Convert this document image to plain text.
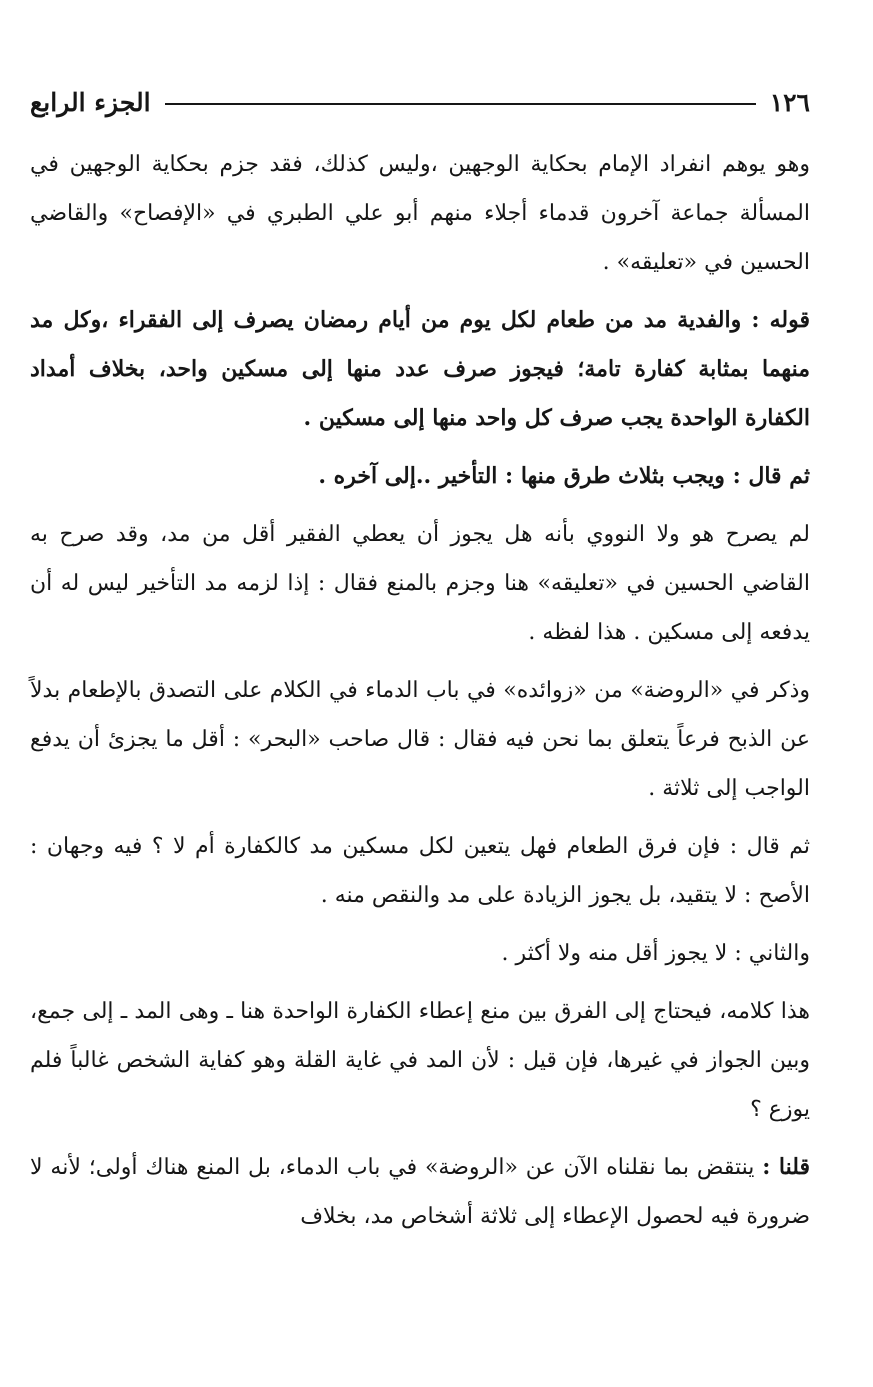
١٢٦
الجزء الرابع

وهو يوهم انفراد الإمام بحكاية الوجهين ،وليس كذلك، فقد جزم بحكاية الوجهين في المسألة جماعة آخرون قدماء أجلاء منهم أبو علي الطبري في «الإفصاح» والقاضي الحسين في «تعليقه» .

قوله : والفدية مد من طعام لكل يوم من أيام رمضان يصرف إلى الفقراء ،وكل مد منهما بمثابة كفارة تامة؛ فيجوز صرف عدد منها إلى مسكين واحد، بخلاف أمداد الكفارة الواحدة يجب صرف كل واحد منها إلى مسكين .

ثم قال : ويجب بثلاث طرق منها : التأخير ..إلى آخره .

لم يصرح هو ولا النووي بأنه هل يجوز أن يعطي الفقير أقل من مد، وقد صرح به القاضي الحسين في «تعليقه» هنا وجزم بالمنع فقال : إذا لزمه مد التأخير ليس له أن يدفعه إلى مسكين . هذا لفظه .

وذكر في «الروضة» من «زوائده» في باب الدماء في الكلام على التصدق بالإطعام بدلاً عن الذبح فرعاً يتعلق بما نحن فيه فقال : قال صاحب «البحر» : أقل ما يجزئ أن يدفع الواجب إلى ثلاثة .

ثم قال : فإن فرق الطعام فهل يتعين لكل مسكين مد كالكفارة أم لا ؟ فيه وجهان : الأصح : لا يتقيد، بل يجوز الزيادة على مد والنقص منه .

والثاني : لا يجوز أقل منه ولا أكثر .

هذا كلامه، فيحتاج إلى الفرق بين منع إعطاء الكفارة الواحدة هنا ـ وهى المد ـ إلى جمع، وبين الجواز في غيرها، فإن قيل : لأن المد في غاية القلة وهو كفاية الشخص غالباً فلم يوزع ؟

قلنا : ينتقض بما نقلناه الآن عن «الروضة» في باب الدماء، بل المنع هناك أولى؛ لأنه لا ضرورة فيه لحصول الإعطاء إلى ثلاثة أشخاص مد، بخلاف
